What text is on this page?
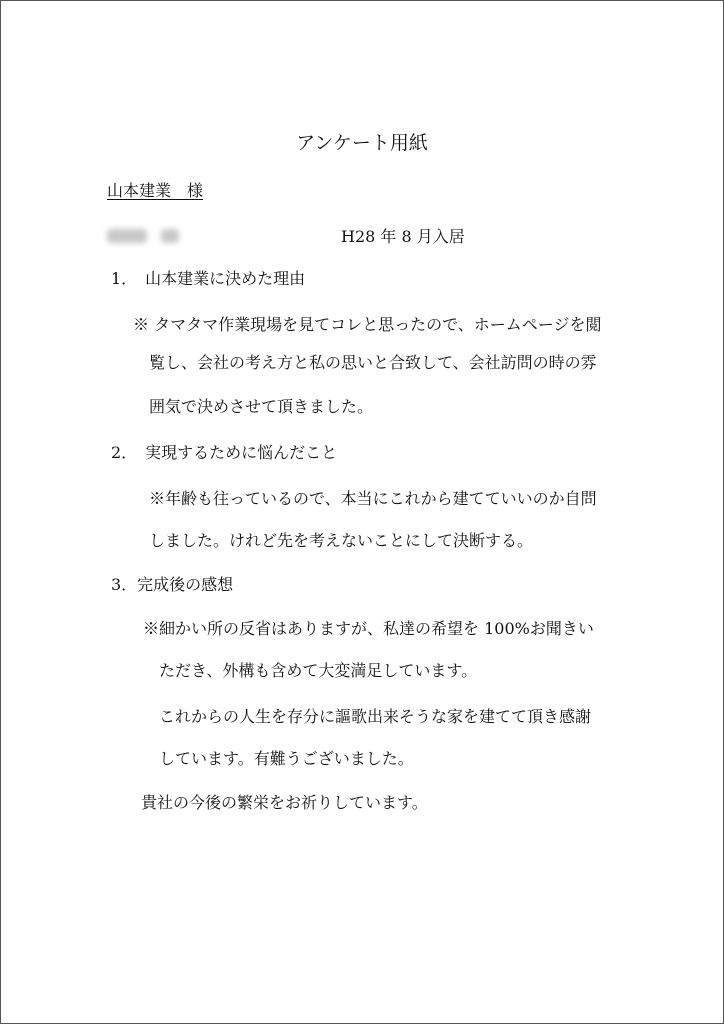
アンケート用紙
山本建業　様
H28 年 8 月入居
1．　山本建業に決めた理由
※ タマタマ作業現場を見てコレと思ったので、ホームページを閲
覧し、会社の考え方と私の思いと合致して、会社訪問の時の雰
囲気で決めさせて頂きました。
2．　実現するために悩んだこと
※年齢も往っているので、本当にこれから建てていいのか自問
しました。けれど先を考えないことにして決断する。
3．完成後の感想
※細かい所の反省はありますが、私達の希望を 100%お聞きい
ただき、外構も含めて大変満足しています。
これからの人生を存分に謳歌出来そうな家を建てて頂き感謝
しています。有難うございました。
貴社の今後の繁栄をお祈りしています。
